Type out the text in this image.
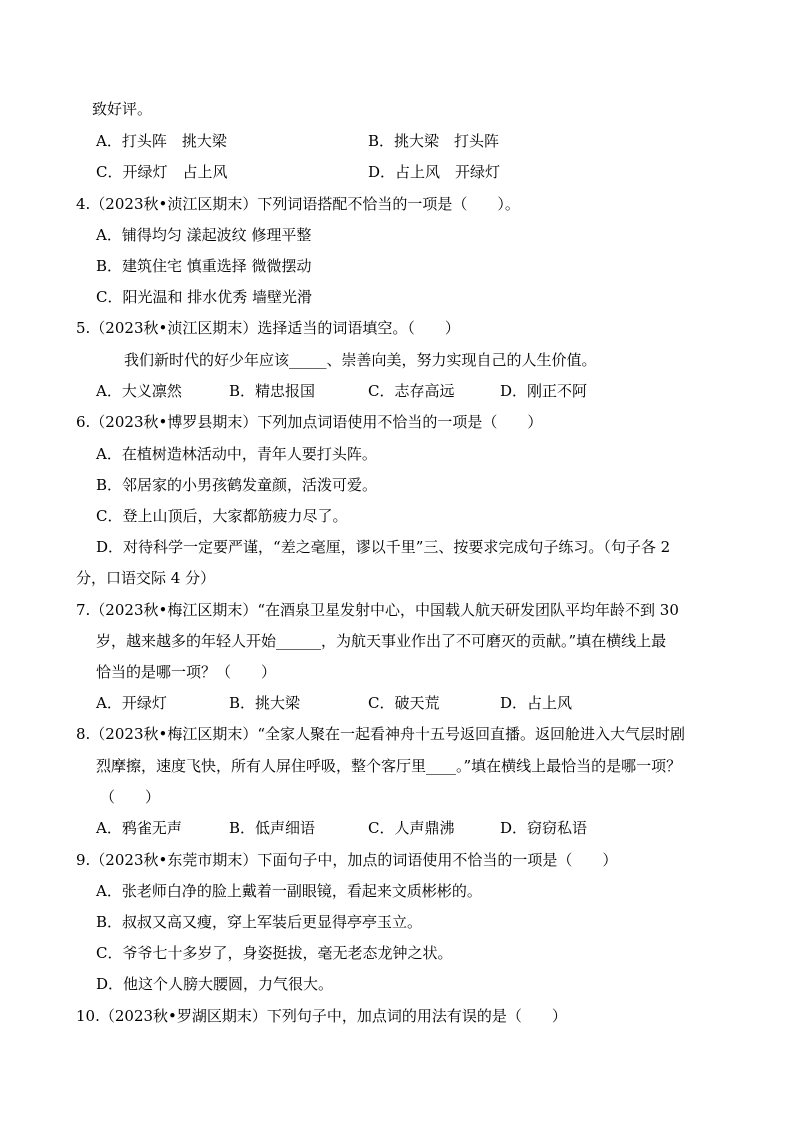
致好评。
A．打头阵　挑大梁	B．挑大梁　打头阵
C．开绿灯　占上风	D．占上风　开绿灯
4.（2023秋•浈江区期末）下列词语搭配不恰当的一项是（　　）。
A．铺得均匀 漾起波纹 修理平整
B．建筑住宅 慎重选择 微微摆动
C．阳光温和 排水优秀 墙壁光滑
5.（2023秋•浈江区期末）选择适当的词语填空。（　　）
我们新时代的好少年应该_____、崇善向美，努力实现自己的人生价值。
A．大义凛然	B．精忠报国	C．志存高远	D．刚正不阿
6.（2023秋•博罗县期末）下列加点词语使用不恰当的一项是（　　）
A．在植树造林活动中，青年人要打头阵。
B．邻居家的小男孩鹤发童颜，活泼可爱。
C．登上山顶后，大家都筋疲力尽了。
D．对待科学一定要严谨，“差之毫厘，谬以千里”三、按要求完成句子练习。（句子各 2
分，口语交际 4 分）
7.（2023秋•梅江区期末）“在酒泉卫星发射中心，中国载人航天研发团队平均年龄不到 30
岁，越来越多的年轻人开始______，为航天事业作出了不可磨灭的贡献。”填在横线上最
恰当的是哪一项？（　　）
A．开绿灯	B．挑大梁	C．破天荒	D．占上风
8.（2023秋•梅江区期末）“全家人聚在一起看神舟十五号返回直播。返回舱进入大气层时剧
烈摩擦，速度飞快，所有人屏住呼吸，整个客厅里____。”填在横线上最恰当的是哪一项？
（　　）
A．鸦雀无声	B．低声细语	C．人声鼎沸	D．窃窃私语
9.（2023秋•东莞市期末）下面句子中，加点的词语使用不恰当的一项是（　　）
A．张老师白净的脸上戴着一副眼镜，看起来文质彬彬的。
B．叔叔又高又瘦，穿上军装后更显得亭亭玉立。
C．爷爷七十多岁了，身姿挺拔，毫无老态龙钟之状。
D．他这个人膀大腰圆，力气很大。
10.（2023秋•罗湖区期末）下列句子中，加点词的用法有误的是（　　）
